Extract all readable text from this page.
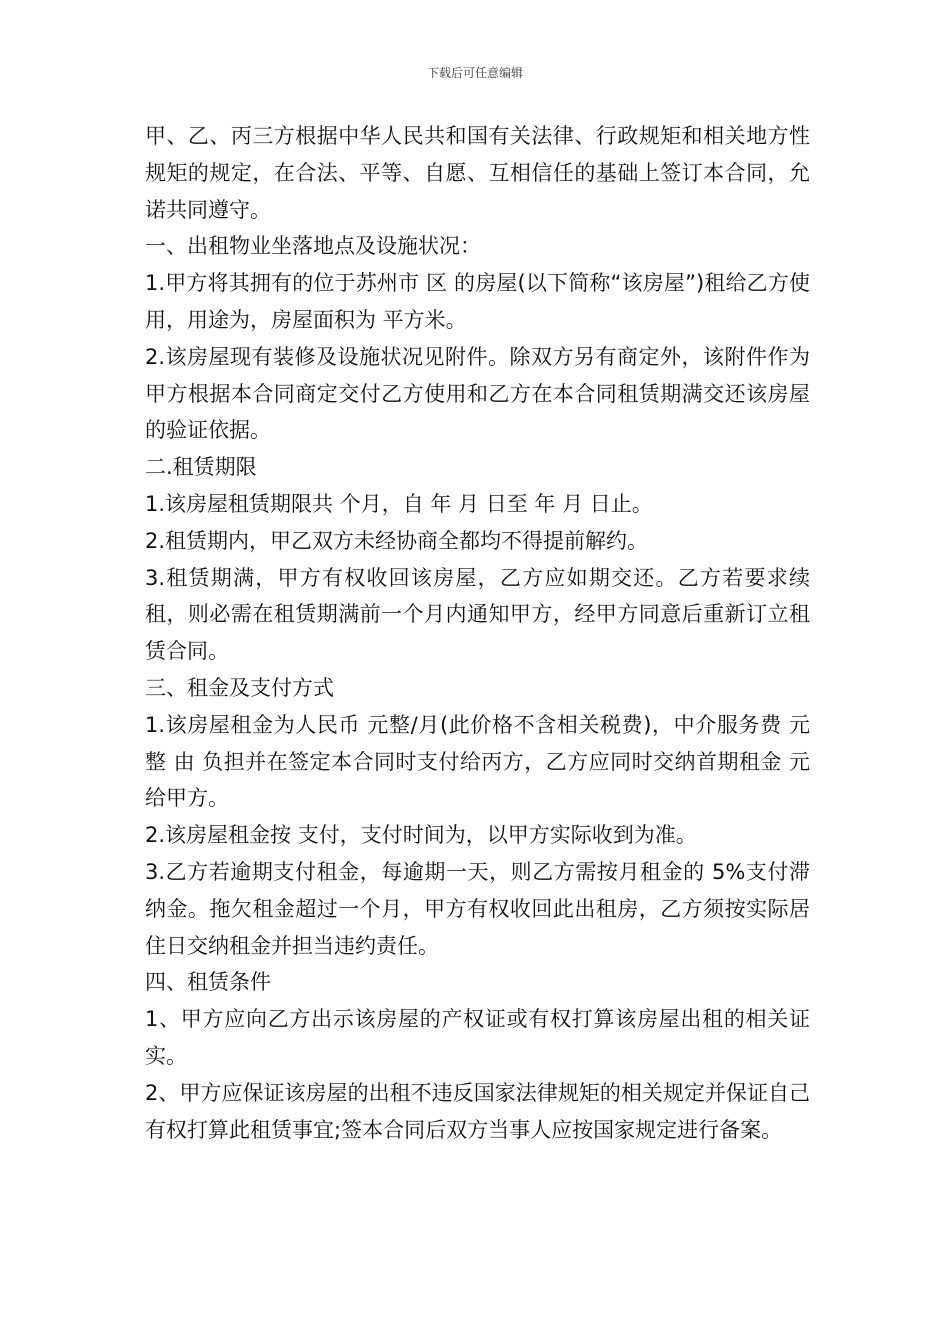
下载后可任意编辑

甲、乙、丙三方根据中华人民共和国有关法律、行政规矩和相关地方性规矩的规定，在合法、平等、自愿、互相信任的基础上签订本合同，允诺共同遵守。

一、出租物业坐落地点及设施状况：

1.甲方将其拥有的位于苏州市 区 的房屋(以下简称“该房屋”)租给乙方使用，用途为，房屋面积为 平方米。

2.该房屋现有装修及设施状况见附件。除双方另有商定外，该附件作为甲方根据本合同商定交付乙方使用和乙方在本合同租赁期满交还该房屋的验证依据。

二.租赁期限

1.该房屋租赁期限共 个月，自 年 月 日至 年 月 日止。

2.租赁期内，甲乙双方未经协商全都均不得提前解约。

3.租赁期满，甲方有权收回该房屋，乙方应如期交还。乙方若要求续租，则必需在租赁期满前一个月内通知甲方，经甲方同意后重新订立租赁合同。

三、租金及支付方式

1.该房屋租金为人民币 元整/月(此价格不含相关税费)，中介服务费 元整 由 负担并在签定本合同时支付给丙方，乙方应同时交纳首期租金 元给甲方。

2.该房屋租金按 支付，支付时间为，以甲方实际收到为准。

3.乙方若逾期支付租金，每逾期一天，则乙方需按月租金的 5%支付滞纳金。拖欠租金超过一个月，甲方有权收回此出租房，乙方须按实际居住日交纳租金并担当违约责任。

四、租赁条件

1、甲方应向乙方出示该房屋的产权证或有权打算该房屋出租的相关证实。

2、甲方应保证该房屋的出租不违反国家法律规矩的相关规定并保证自己有权打算此租赁事宜;签本合同后双方当事人应按国家规定进行备案。
